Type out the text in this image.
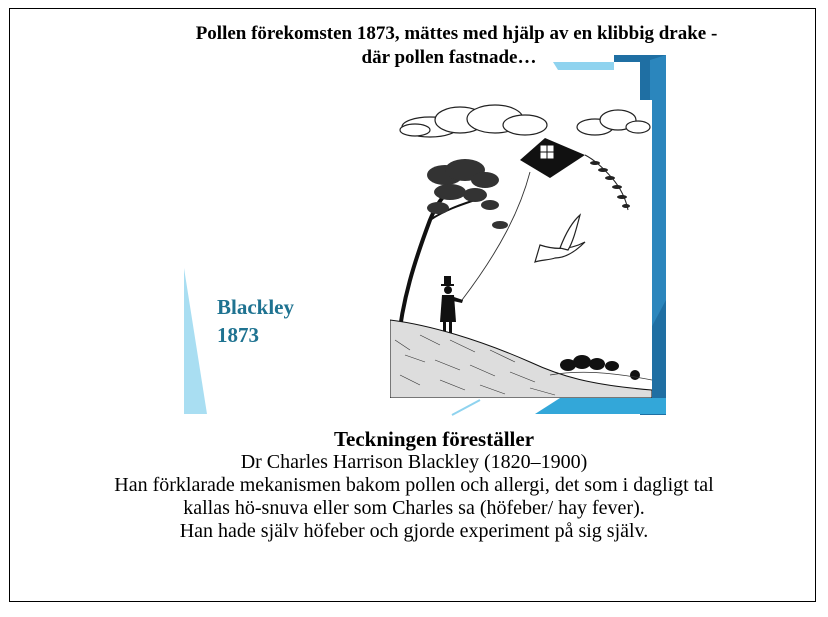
Pollen förekomsten 1873, mättes med hjälp av en klibbig drake -
där pollen fastnade…
Blackley
1873
Teckningen föreställer
Dr Charles Harrison Blackley (1820–1900)
Han förklarade mekanismen bakom pollen och allergi, det som i dagligt tal
kallas hö-snuva eller som Charles sa (höfeber/ hay fever).
Han hade själv höfeber och gjorde experiment på sig själv.
